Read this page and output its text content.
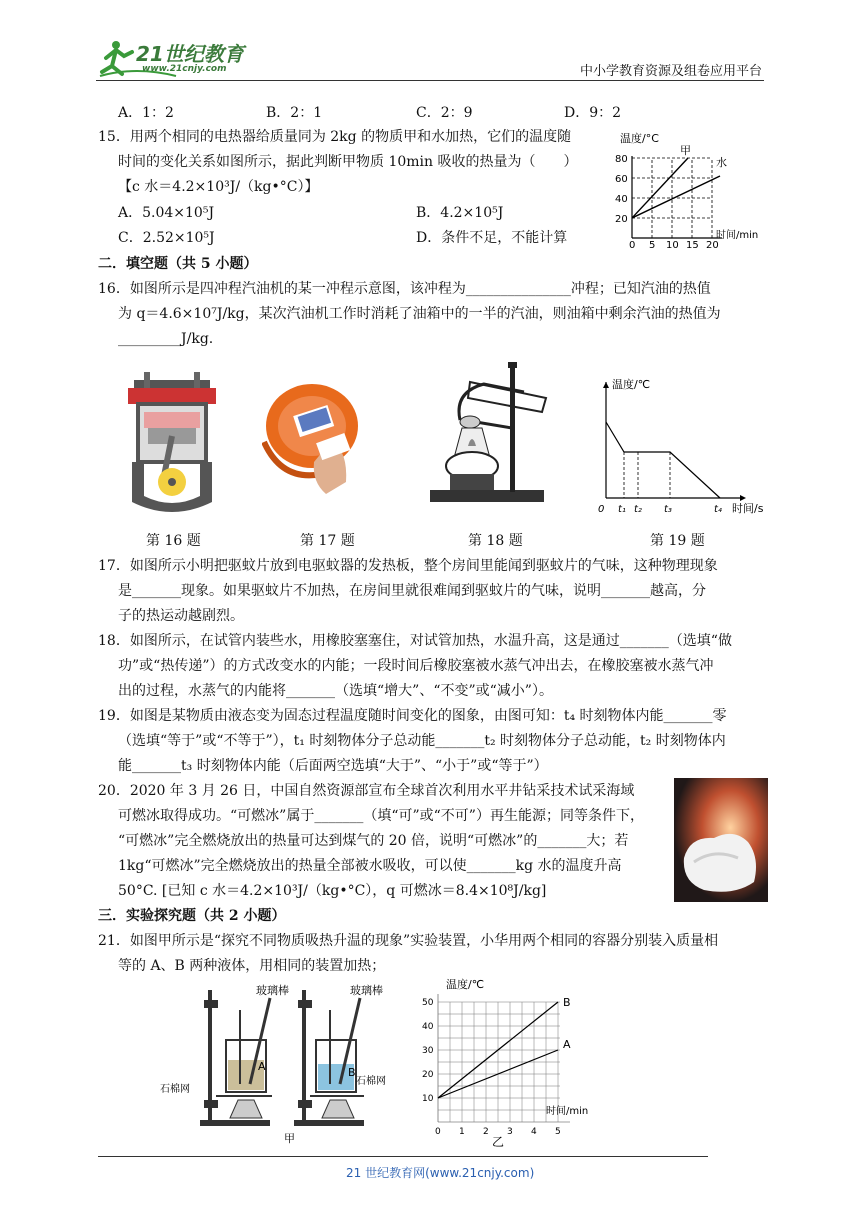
21世纪教育
www.21cnjy.com	中小学教育资源及组卷应用平台
A．1：2	B．2：1	C．2：9	D．9：2
15．用两个相同的电热器给质量同为 2kg 的物质甲和水加热，它们的温度随
时间的变化关系如图所示，据此判断甲物质 10min 吸收的热量为（　　）
【c 水＝4.2×10³J/（kg•°C）】
A．5.04×10⁵J	B．4.2×10⁵J
C．2.52×10⁵J	D．条件不足，不能计算
温度/°C
甲
水
80
60
40
20
0 5 10 15 20
时间/min
二．填空题（共 5 小题）
16．如图所示是四冲程汽油机的某一冲程示意图，该冲程为_______________冲程；已知汽油的热值
为 q＝4.6×10⁷J/kg，某次汽油机工作时消耗了油箱中的一半的汽油，则油箱中剩余汽油的热值为
_________J/kg.
温度/℃
0 t₁ t₂ t₃	t₄ 时间/s
第 16 题	第 17 题	第 18 题	第 19 题
17．如图所示小明把驱蚊片放到电驱蚊器的发热板，整个房间里能闻到驱蚊片的气味，这种物理现象
是_______现象。如果驱蚊片不加热，在房间里就很难闻到驱蚊片的气味，说明_______越高，分
子的热运动越剧烈。
18．如图所示，在试管内装些水，用橡胶塞塞住，对试管加热，水温升高，这是通过_______（选填“做
功”或“热传递”）的方式改变水的内能；一段时间后橡胶塞被水蒸气冲出去，在橡胶塞被水蒸气冲
出的过程，水蒸气的内能将_______（选填“增大”、“不变”或“减小”）。
19．如图是某物质由液态变为固态过程温度随时间变化的图象，由图可知：t₄ 时刻物体内能_______零
（选填“等于”或“不等于”），t₁ 时刻物体分子总动能_______t₂ 时刻物体分子总动能，t₂ 时刻物体内
能_______t₃ 时刻物体内能（后面两空选填“大于”、“小于”或“等于”）
20．2020 年 3 月 26 日，中国自然资源部宣布全球首次利用水平井钻采技术试采海域
可燃冰取得成功。“可燃冰”属于_______（填“可”或“不可”）再生能源；同等条件下，
“可燃冰”完全燃烧放出的热量可达到煤气的 20 倍，说明“可燃冰”的_______大；若
1kg“可燃冰”完全燃烧放出的热量全部被水吸收，可以使_______kg 水的温度升高
50°C. [已知 c 水＝4.2×10³J/（kg•°C），q 可燃冰＝8.4×10⁸J/kg]
三．实验探究题（共 2 小题）
21．如图甲所示是“探究不同物质吸热升温的现象”实验装置，小华用两个相同的容器分别装入质量相
等的 A、B 两种液体，用相同的装置加热；
玻璃棒	玻璃棒
A
石棉网
B
石棉网
甲
温度/℃
B
A
50
40
30
20
10
0 1 2 3 4 5
时间/min
乙
21 世纪教育网(www.21cnjy.com)
